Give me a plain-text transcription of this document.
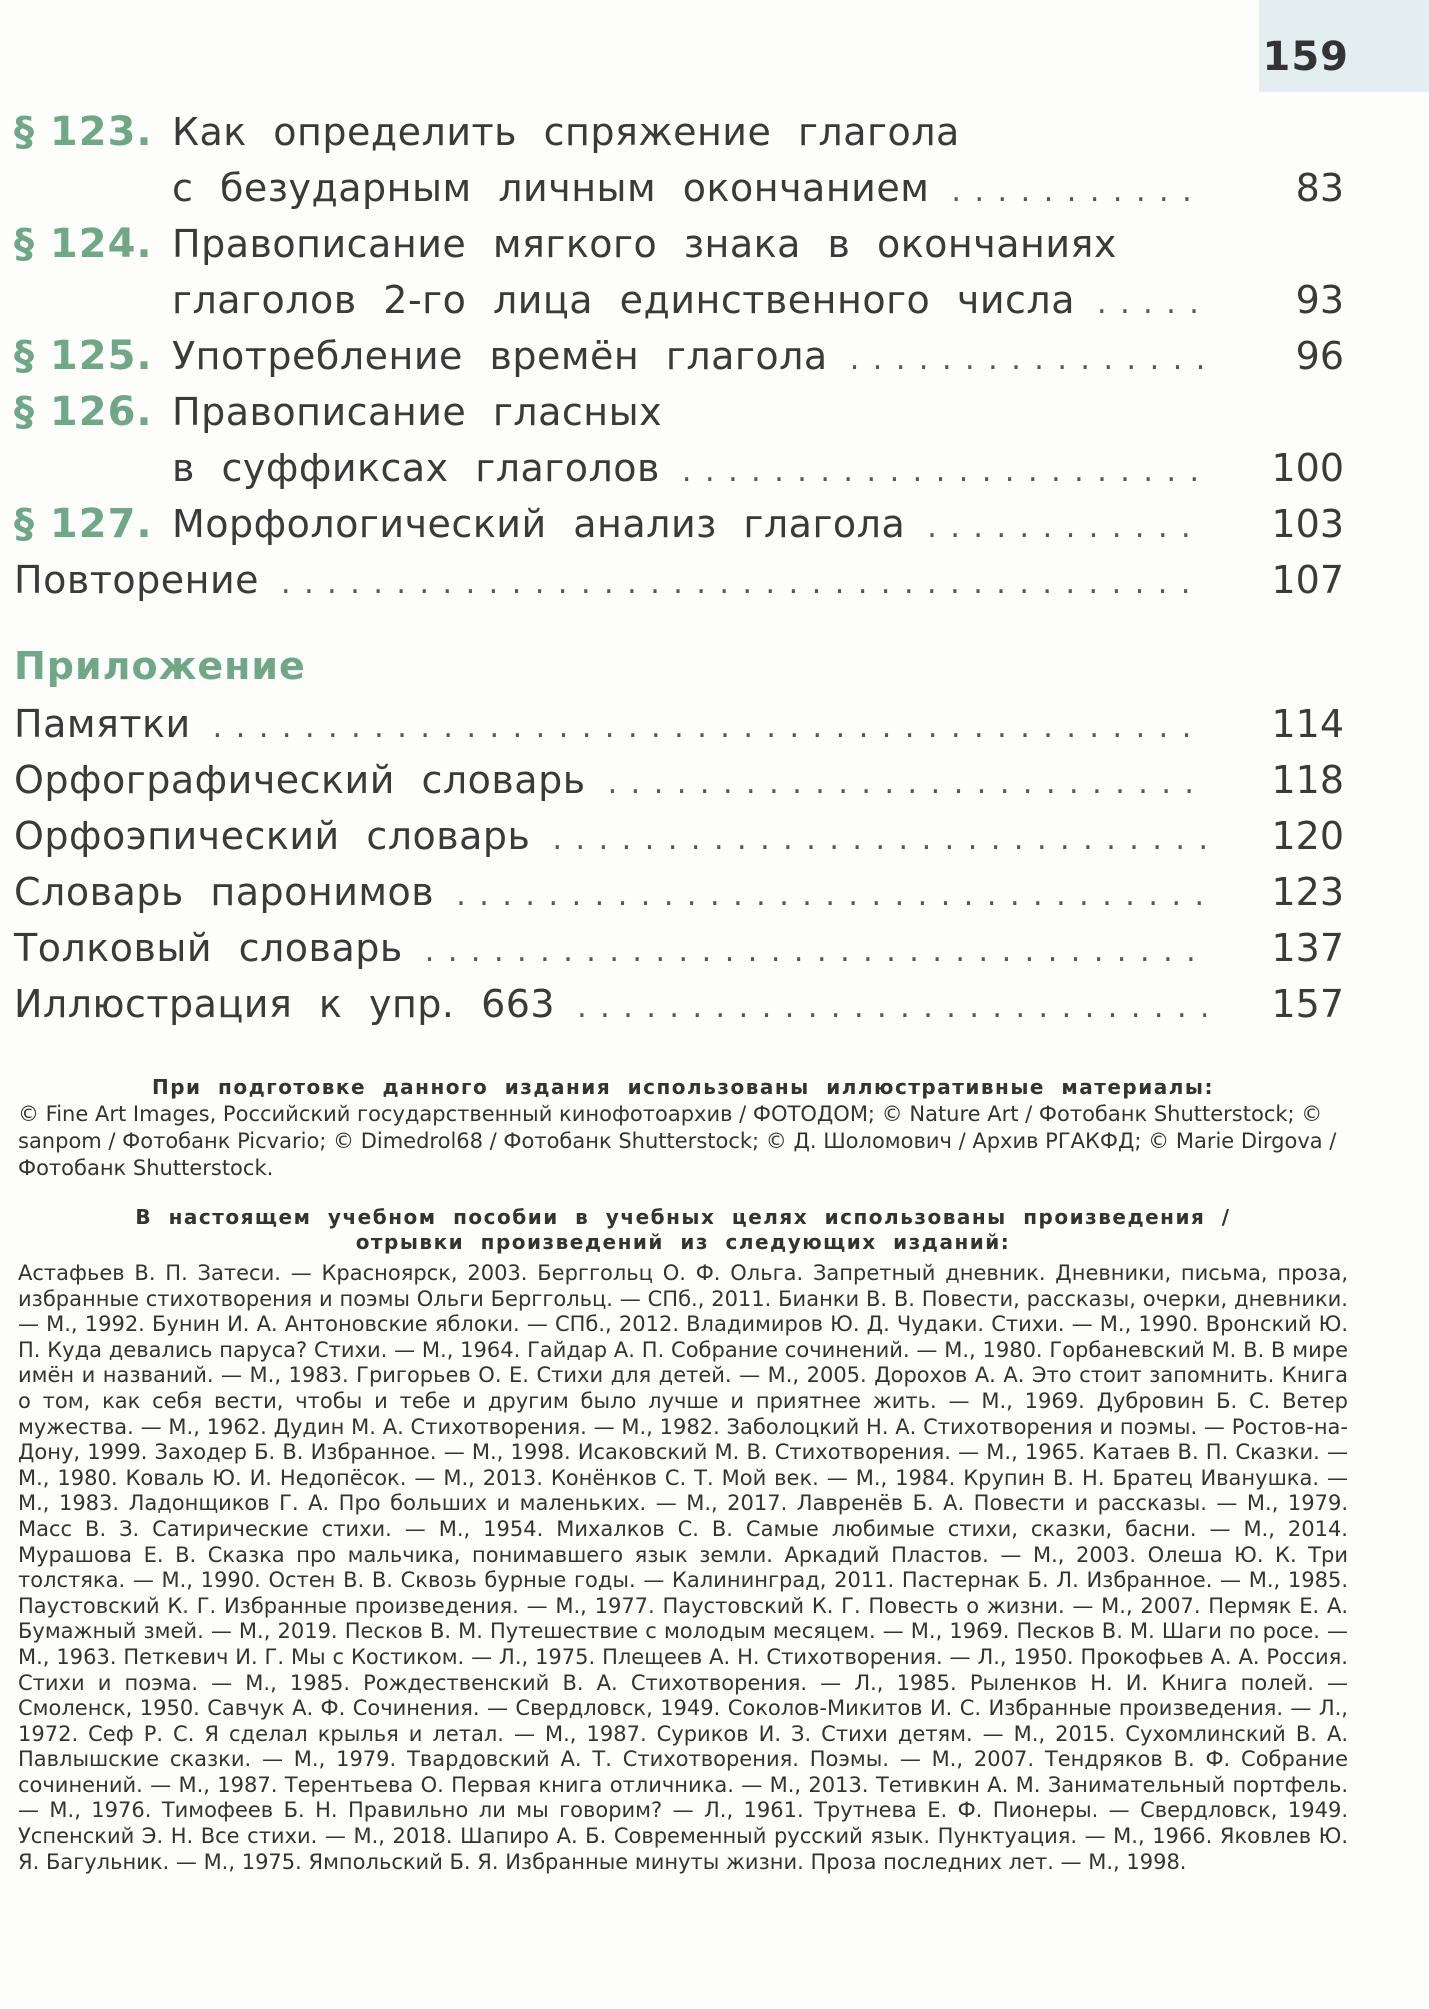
159
§ 123. Как определить спряжение глагола
с безударным личным окончанием . . .	83
§ 124. Правописание мягкого знака в окончаниях
глаголов 2-го лица единственного числа . . .	93
§ 125. Употребление времён глагола . . .	96
§ 126. Правописание гласных
в суффиксах глаголов . . .	100
§ 127. Морфологический анализ глагола . . .	103
Повторение . . .	107
Приложение
Памятки . . .	114
Орфографический словарь . . .	118
Орфоэпический словарь . . .	120
Словарь паронимов . . .	123
Толковый словарь . . .	137
Иллюстрация к упр. 663 . . .	157
При подготовке данного издания использованы иллюстративные материалы:
© Fine Art Images, Российский государственный кинофотоархив / ФОТОДОМ; © Nature Art / Фотобанк Shutterstock; © sanpom / Фотобанк Picvario; © Dimedrol68 / Фотобанк Shutterstock; © Д. Шоломович / Архив РГАКФД; © Marie Dirgova / Фотобанк Shutterstock.
В настоящем учебном пособии в учебных целях использованы произведения /
отрывки произведений из следующих изданий:
Астафьев В. П. Затеси. — Красноярск, 2003. Берггольц О. Ф. Ольга. Запретный дневник. Дневники, письма, проза, избранные стихотворения и поэмы Ольги Берггольц. — СПб., 2011. Бианки В. В. Повести, рассказы, очерки, дневники. — М., 1992. Бунин И. А. Антоновские яблоки. — СПб., 2012. Владимиров Ю. Д. Чудаки. Стихи. — М., 1990. Вронский Ю. П. Куда девались паруса? Стихи. — М., 1964. Гайдар А. П. Собрание сочинений. — М., 1980. Горбаневский М. В. В мире имён и названий. — М., 1983. Григорьев О. Е. Стихи для детей. — М., 2005. Дорохов А. А. Это стоит запомнить. Книга о том, как себя вести, чтобы и тебе и другим было лучше и приятнее жить. — М., 1969. Дубровин Б. С. Ветер мужества. — М., 1962. Дудин М. А. Стихотворения. — М., 1982. Заболоцкий Н. А. Стихотворения и поэмы. — Ростов-на-Дону, 1999. Заходер Б. В. Избранное. — М., 1998. Исаковский М. В. Стихотворения. — М., 1965. Катаев В. П. Сказки. — М., 1980. Коваль Ю. И. Недопёсок. — М., 2013. Конёнков С. Т. Мой век. — М., 1984. Крупин В. Н. Братец Иванушка. — М., 1983. Ладонщиков Г. А. Про больших и маленьких. — М., 2017. Лавренёв Б. А. Повести и рассказы. — М., 1979. Масс В. З. Сатирические стихи. — М., 1954. Михалков С. В. Самые любимые стихи, сказки, басни. — М., 2014. Мурашова Е. В. Сказка про мальчика, понимавшего язык земли. Аркадий Пластов. — М., 2003. Олеша Ю. К. Три толстяка. — М., 1990. Остен В. В. Сквозь бурные годы. — Калининград, 2011. Пастернак Б. Л. Избранное. — М., 1985. Паустовский К. Г. Избранные произведения. — М., 1977. Паустовский К. Г. Повесть о жизни. — М., 2007. Пермяк Е. А. Бумажный змей. — М., 2019. Песков В. М. Путешествие с молодым месяцем. — М., 1969. Песков В. М. Шаги по росе. — М., 1963. Петкевич И. Г. Мы с Костиком. — Л., 1975. Плещеев А. Н. Стихотворения. — Л., 1950. Прокофьев А. А. Россия. Стихи и поэма. — М., 1985. Рождественский В. А. Стихотворения. — Л., 1985. Рыленков Н. И. Книга полей. — Смоленск, 1950. Савчук А. Ф. Сочинения. — Свердловск, 1949. Соколов-Микитов И. С. Избранные произведения. — Л., 1972. Сеф Р. С. Я сделал крылья и летал. — М., 1987. Суриков И. З. Стихи детям. — М., 2015. Сухомлинский В. А. Павлышские сказки. — М., 1979. Твардовский А. Т. Стихотворения. Поэмы. — М., 2007. Тендряков В. Ф. Собрание сочинений. — М., 1987. Терентьева О. Первая книга отличника. — М., 2013. Тетивкин А. М. Занимательный портфель. — М., 1976. Тимофеев Б. Н. Правильно ли мы говорим? — Л., 1961. Трутнева Е. Ф. Пионеры. — Свердловск, 1949. Успенский Э. Н. Все стихи. — М., 2018. Шапиро А. Б. Современный русский язык. Пунктуация. — М., 1966. Яковлев Ю. Я. Багульник. — М., 1975. Ямпольский Б. Я. Избранные минуты жизни. Проза последних лет. — М., 1998.
